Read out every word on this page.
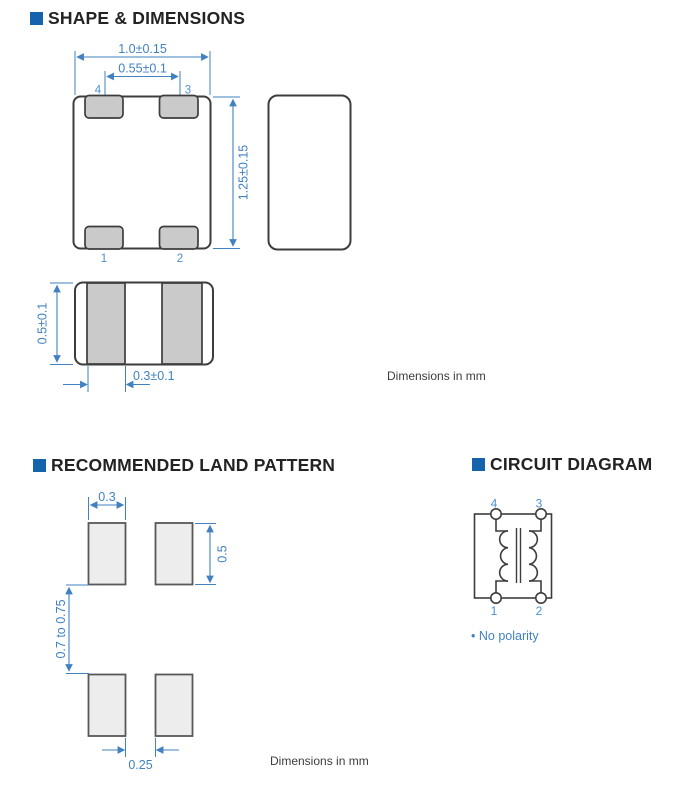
SHAPE & DIMENSIONS
1.0±0.15
0.55±0.1
4	3
1	2
1.25±0.15
0.5±0.1
0.3±0.1	Dimensions in mm
RECOMMENDED LAND PATTERN
0.3
0.5
0.7 to 0.75
0.25	Dimensions in mm
CIRCUIT DIAGRAM
4	3
1	2
• No polarity
